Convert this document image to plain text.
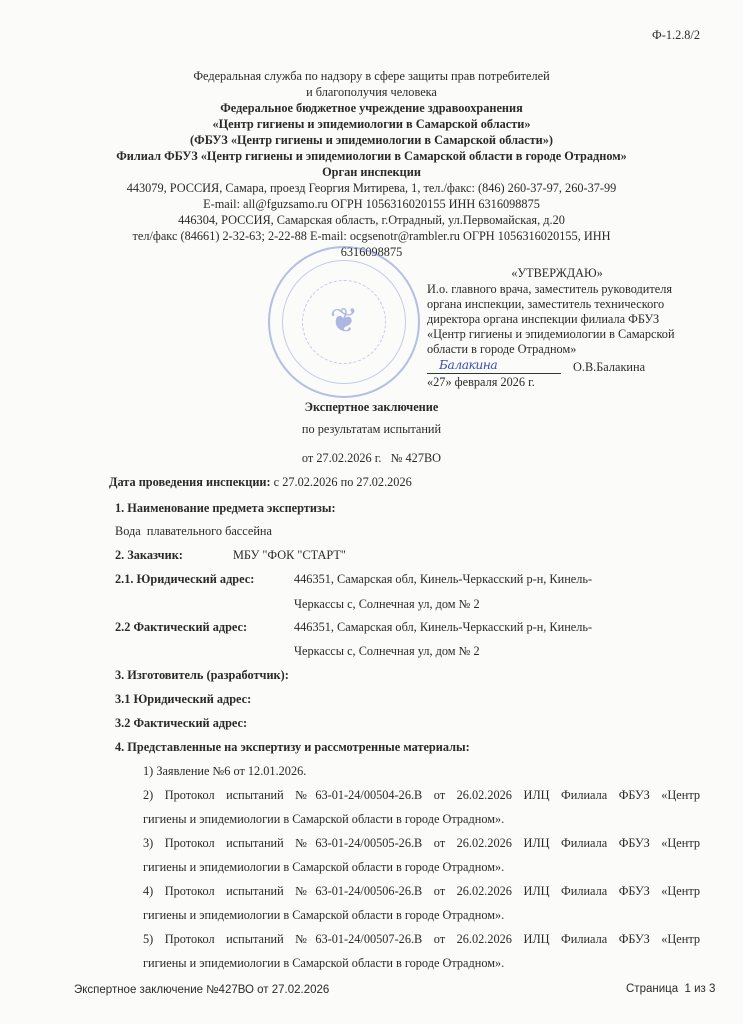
Ф-1.2.8/2
Федеральная служба по надзору в сфере защиты прав потребителей
и благополучия человека
Федеральное бюджетное учреждение здравоохранения
«Центр гигиены и эпидемиологии в Самарской области»
(ФБУЗ «Центр гигиены и эпидемиологии в Самарской области»)
Филиал ФБУЗ «Центр гигиены и эпидемиологии в Самарской области в городе Отрадном»
Орган инспекции
443079, РОССИЯ, Самара, проезд Георгия Митирева, 1, тел./факс: (846) 260-37-97, 260-37-99
E-mail: all@fguzsamo.ru ОГРН 1056316020155 ИНН 6316098875
446304, РОССИЯ, Самарская область, г.Отрадный, ул.Первомайская, д.20
тел/факс (84661) 2-32-63; 2-22-88 E-mail: ocgsenotr@rambler.ru ОГРН 1056316020155, ИНН
6316098875
❦
«УТВЕРЖДАЮ»
И.о. главного врача, заместитель руководителя
органа инспекции, заместитель технического
директора органа инспекции филиала ФБУЗ
«Центр гигиены и эпидемиологии в Самарской
области в городе Отрадном»
Балакина	О.В.Балакина
«27» февраля 2026 г.
Экспертное заключение
по результатам испытаний
от 27.02.2026 г.   № 427ВО
Дата проведения инспекции: с 27.02.2026 по 27.02.2026
1. Наименование предмета экспертизы:
Вода  плавательного бассейна
2. Заказчик:	МБУ "ФОК "СТАРТ"
2.1. Юридический адрес:	446351, Самарская обл, Кинель-Черкасский р-н, Кинель-
Черкассы с, Солнечная ул, дом № 2
2.2 Фактический адрес:	446351, Самарская обл, Кинель-Черкасский р-н, Кинель-
Черкассы с, Солнечная ул, дом № 2
3. Изготовитель (разработчик):
3.1 Юридический адрес:
3.2 Фактический адрес:
4. Представленные на экспертизу и рассмотренные материалы:
1) Заявление №6 от 12.01.2026.
2) Протокол испытаний №63-01-24/00504-26.В от 26.02.2026 ИЛЦ Филиала ФБУЗ «Центр
гигиены и эпидемиологии в Самарской области в городе Отрадном».
3) Протокол испытаний №63-01-24/00505-26.В от 26.02.2026 ИЛЦ Филиала ФБУЗ «Центр
гигиены и эпидемиологии в Самарской области в городе Отрадном».
4) Протокол испытаний №63-01-24/00506-26.В от 26.02.2026 ИЛЦ Филиала ФБУЗ «Центр
гигиены и эпидемиологии в Самарской области в городе Отрадном».
5) Протокол испытаний №63-01-24/00507-26.В от 26.02.2026 ИЛЦ Филиала ФБУЗ «Центр
гигиены и эпидемиологии в Самарской области в городе Отрадном».
Экспертное заключение №427ВО от 27.02.2026	Страница  1 из 3
